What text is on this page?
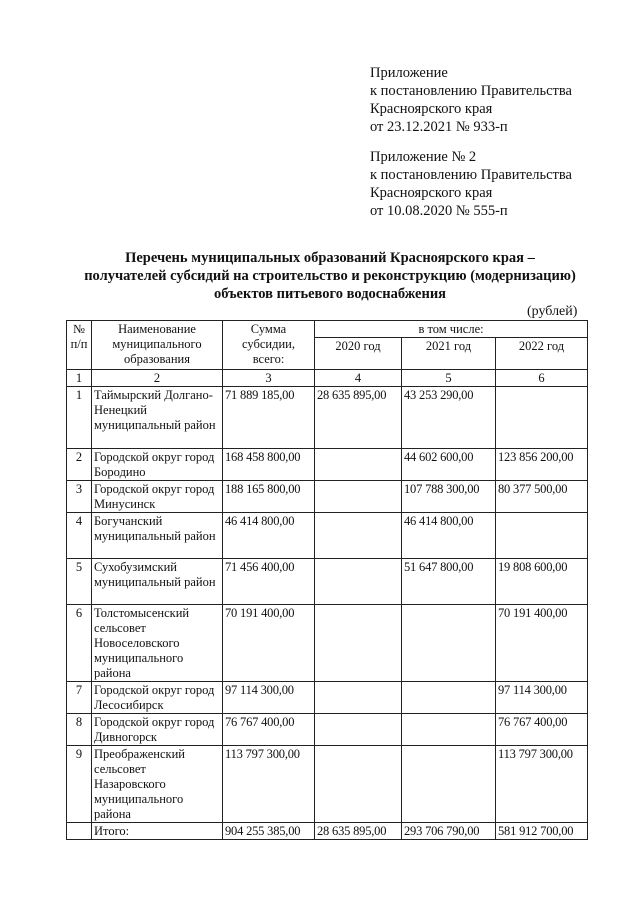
Приложение
к постановлению Правительства
Красноярского края
от 23.12.2021 № 933-п
Приложение № 2
к постановлению Правительства
Красноярского края
от 10.08.2020 № 555-п
Перечень муниципальных образований Красноярского края –
получателей субсидий на строительство и реконструкцию (модернизацию)
объектов питьевого водоснабжения
(рублей)
№ п/п	Наименование муниципального образования	Сумма субсидии, всего:	в том числе:		
			2020 год	2021 год	2022 год
1	2	3	4	5	6
1	Таймырский Долгано-Ненецкий муниципальный район	71 889 185,00	28 635 895,00	43 253 290,00	
2	Городской округ город Бородино	168 458 800,00		44 602 600,00	123 856 200,00
3	Городской округ город Минусинск	188 165 800,00		107 788 300,00	80 377 500,00
4	Богучанский муниципальный район	46 414 800,00		46 414 800,00	
5	Сухобузимский муниципальный район	71 456 400,00		51 647 800,00	19 808 600,00
6	Толстомысенский сельсовет Новоселовского муниципального района	70 191 400,00			70 191 400,00
7	Городской округ город Лесосибирск	97 114 300,00			97 114 300,00
8	Городской округ город Дивногорск	76 767 400,00			76 767 400,00
9	Преображенский сельсовет Назаровского муниципального района	113 797 300,00			113 797 300,00
	Итого:	904 255 385,00	28 635 895,00	293 706 790,00	581 912 700,00
